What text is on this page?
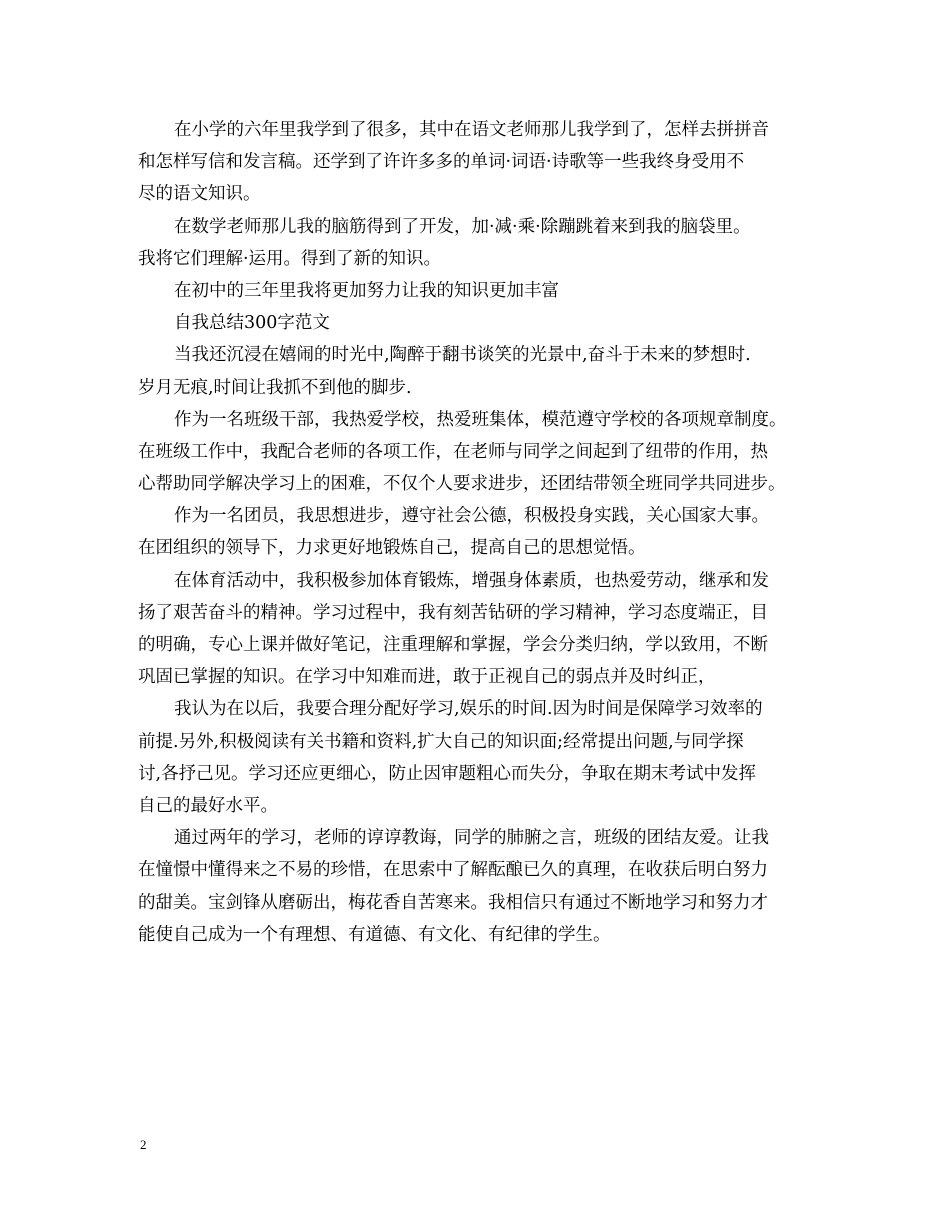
在小学的六年里我学到了很多，其中在语文老师那儿我学到了，怎样去拼拼音
和怎样写信和发言稿。还学到了许许多多的单词·词语·诗歌等一些我终身受用不
尽的语文知识。
在数学老师那儿我的脑筋得到了开发，加·减·乘·除蹦跳着来到我的脑袋里。
我将它们理解·运用。得到了新的知识。
在初中的三年里我将更加努力让我的知识更加丰富
自我总结300字范文
当我还沉浸在嬉闹的时光中,陶醉于翻书谈笑的光景中,奋斗于未来的梦想时.
岁月无痕,时间让我抓不到他的脚步.
作为一名班级干部，我热爱学校，热爱班集体，模范遵守学校的各项规章制度。
在班级工作中，我配合老师的各项工作，在老师与同学之间起到了纽带的作用，热
心帮助同学解决学习上的困难，不仅个人要求进步，还团结带领全班同学共同进步。
作为一名团员，我思想进步，遵守社会公德，积极投身实践，关心国家大事。
在团组织的领导下，力求更好地锻炼自己，提高自己的思想觉悟。
在体育活动中，我积极参加体育锻炼，增强身体素质，也热爱劳动，继承和发
扬了艰苦奋斗的精神。学习过程中，我有刻苦钻研的学习精神，学习态度端正，目
的明确，专心上课并做好笔记，注重理解和掌握，学会分类归纳，学以致用，不断
巩固已掌握的知识。在学习中知难而进，敢于正视自己的弱点并及时纠正，
我认为在以后，我要合理分配好学习,娱乐的时间.因为时间是保障学习效率的
前提.另外,积极阅读有关书籍和资料,扩大自己的知识面;经常提出问题,与同学探
讨,各抒己见。学习还应更细心，防止因审题粗心而失分，争取在期末考试中发挥
自己的最好水平。
通过两年的学习，老师的谆谆教诲，同学的肺腑之言，班级的团结友爱。让我
在憧憬中懂得来之不易的珍惜，在思索中了解酝酿已久的真理，在收获后明白努力
的甜美。宝剑锋从磨砺出，梅花香自苦寒来。我相信只有通过不断地学习和努力才
能使自己成为一个有理想、有道德、有文化、有纪律的学生。
2
